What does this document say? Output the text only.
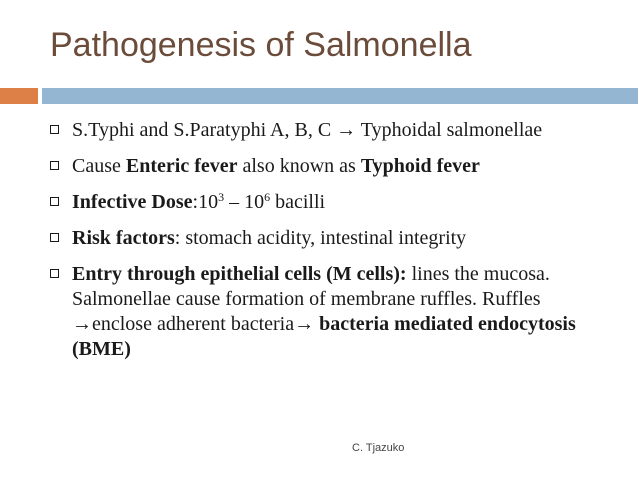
Pathogenesis of Salmonella
S.Typhi and S.Paratyphi A, B, C → Typhoidal salmonellae
Cause Enteric fever also known as Typhoid fever
Infective $Dose:10^3 - 10^6$ bacilli
Risk factors: stomach acidity, intestinal integrity
Entry through epithelial cells (M cells): lines the mucosa. Salmonellae cause formation of membrane ruffles. Ruffles →enclose adherent bacteria→ bacteria mediated endocytosis (BME)
C. Tjazuko
